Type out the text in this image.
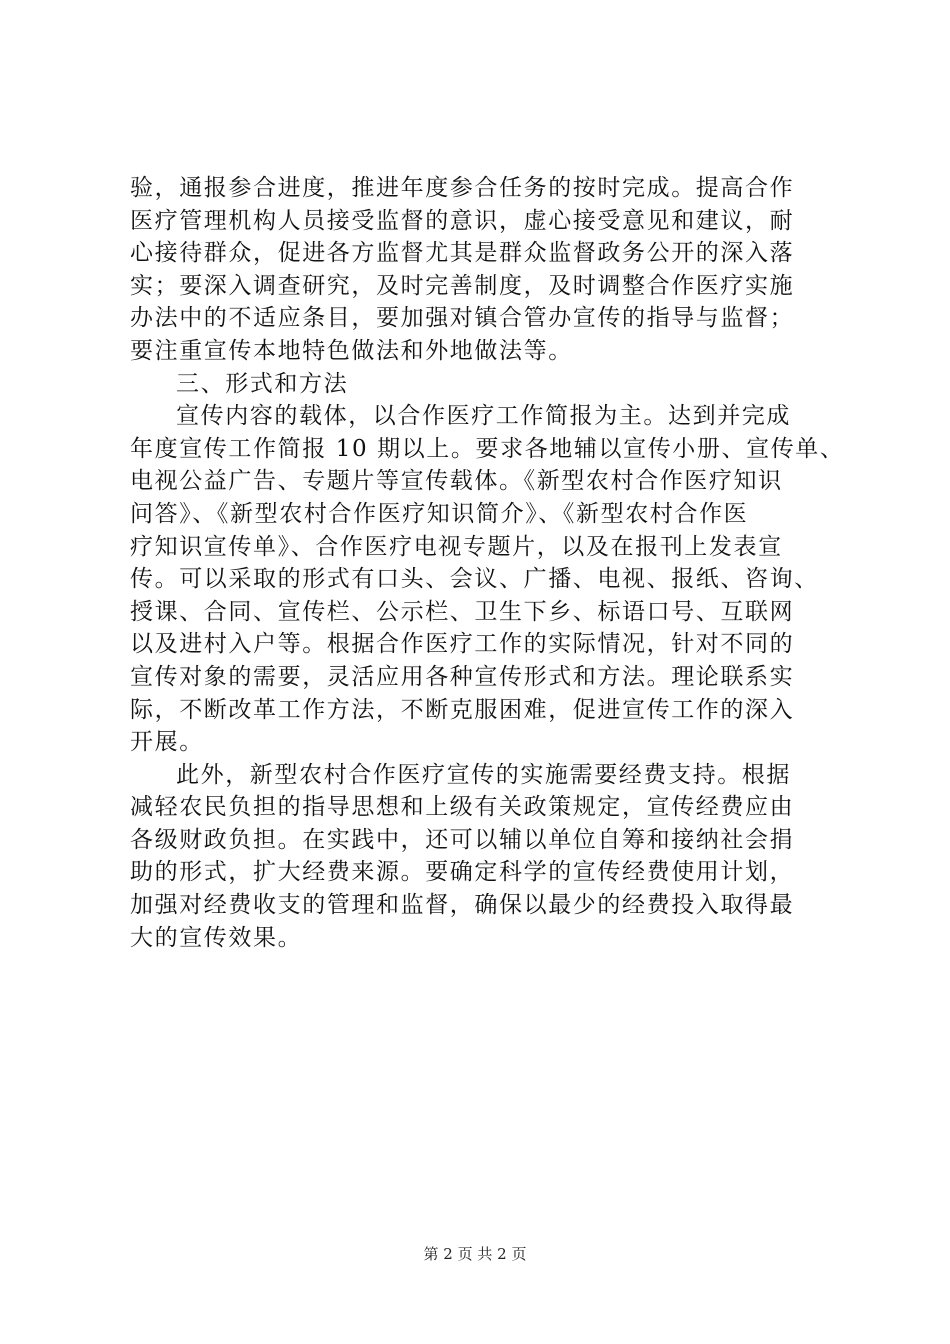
验，通报参合进度，推进年度参合任务的按时完成。提高合作
医疗管理机构人员接受监督的意识，虚心接受意见和建议，耐
心接待群众，促进各方监督尤其是群众监督政务公开的深入落
实；要深入调查研究，及时完善制度，及时调整合作医疗实施
办法中的不适应条目，要加强对镇合管办宣传的指导与监督；
要注重宣传本地特色做法和外地做法等。
三、形式和方法
宣传内容的载体，以合作医疗工作简报为主。达到并完成
年度宣传工作简报 10 期以上。要求各地辅以宣传小册、宣传单、
电视公益广告、专题片等宣传载体。《新型农村合作医疗知识
问答》、《新型农村合作医疗知识简介》、《新型农村合作医
疗知识宣传单》、合作医疗电视专题片，以及在报刊上发表宣
传。可以采取的形式有口头、会议、广播、电视、报纸、咨询、
授课、合同、宣传栏、公示栏、卫生下乡、标语口号、互联网
以及进村入户等。根据合作医疗工作的实际情况，针对不同的
宣传对象的需要，灵活应用各种宣传形式和方法。理论联系实
际，不断改革工作方法，不断克服困难，促进宣传工作的深入
开展。
此外，新型农村合作医疗宣传的实施需要经费支持。根据
减轻农民负担的指导思想和上级有关政策规定，宣传经费应由
各级财政负担。在实践中，还可以辅以单位自筹和接纳社会捐
助的形式，扩大经费来源。要确定科学的宣传经费使用计划，
加强对经费收支的管理和监督，确保以最少的经费投入取得最
大的宣传效果。
第 2 页 共 2 页
